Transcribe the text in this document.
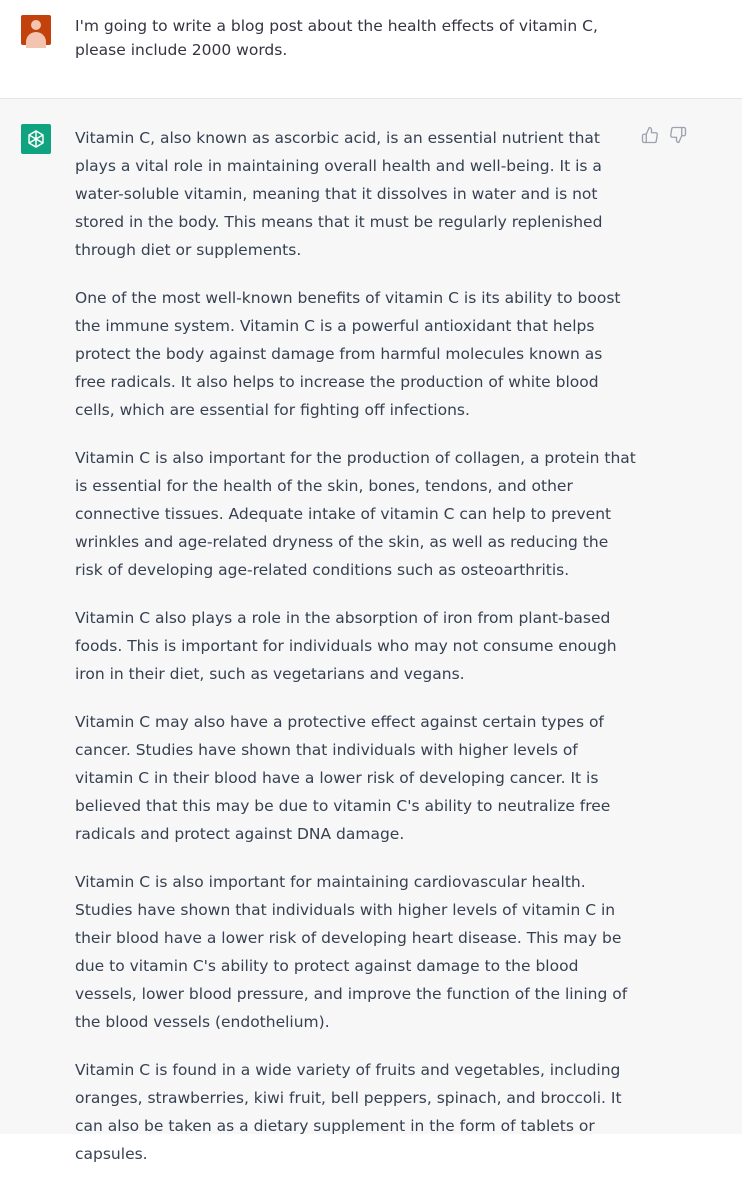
I'm going to write a blog post about the health effects of vitamin C, please include 2000 words.

Vitamin C, also known as ascorbic acid, is an essential nutrient that plays a vital role in maintaining overall health and well-being. It is a water-soluble vitamin, meaning that it dissolves in water and is not stored in the body. This means that it must be regularly replenished through diet or supplements.

One of the most well-known benefits of vitamin C is its ability to boost the immune system. Vitamin C is a powerful antioxidant that helps protect the body against damage from harmful molecules known as free radicals. It also helps to increase the production of white blood cells, which are essential for fighting off infections.

Vitamin C is also important for the production of collagen, a protein that is essential for the health of the skin, bones, tendons, and other connective tissues. Adequate intake of vitamin C can help to prevent wrinkles and age-related dryness of the skin, as well as reducing the risk of developing age-related conditions such as osteoarthritis.

Vitamin C also plays a role in the absorption of iron from plant-based foods. This is important for individuals who may not consume enough iron in their diet, such as vegetarians and vegans.

Vitamin C may also have a protective effect against certain types of cancer. Studies have shown that individuals with higher levels of vitamin C in their blood have a lower risk of developing cancer. It is believed that this may be due to vitamin C's ability to neutralize free radicals and protect against DNA damage.

Vitamin C is also important for maintaining cardiovascular health. Studies have shown that individuals with higher levels of vitamin C in their blood have a lower risk of developing heart disease. This may be due to vitamin C's ability to protect against damage to the blood vessels, lower blood pressure, and improve the function of the lining of the blood vessels (endothelium).

Vitamin C is found in a wide variety of fruits and vegetables, including oranges, strawberries, kiwi fruit, bell peppers, spinach, and broccoli. It can also be taken as a dietary supplement in the form of tablets or capsules.
